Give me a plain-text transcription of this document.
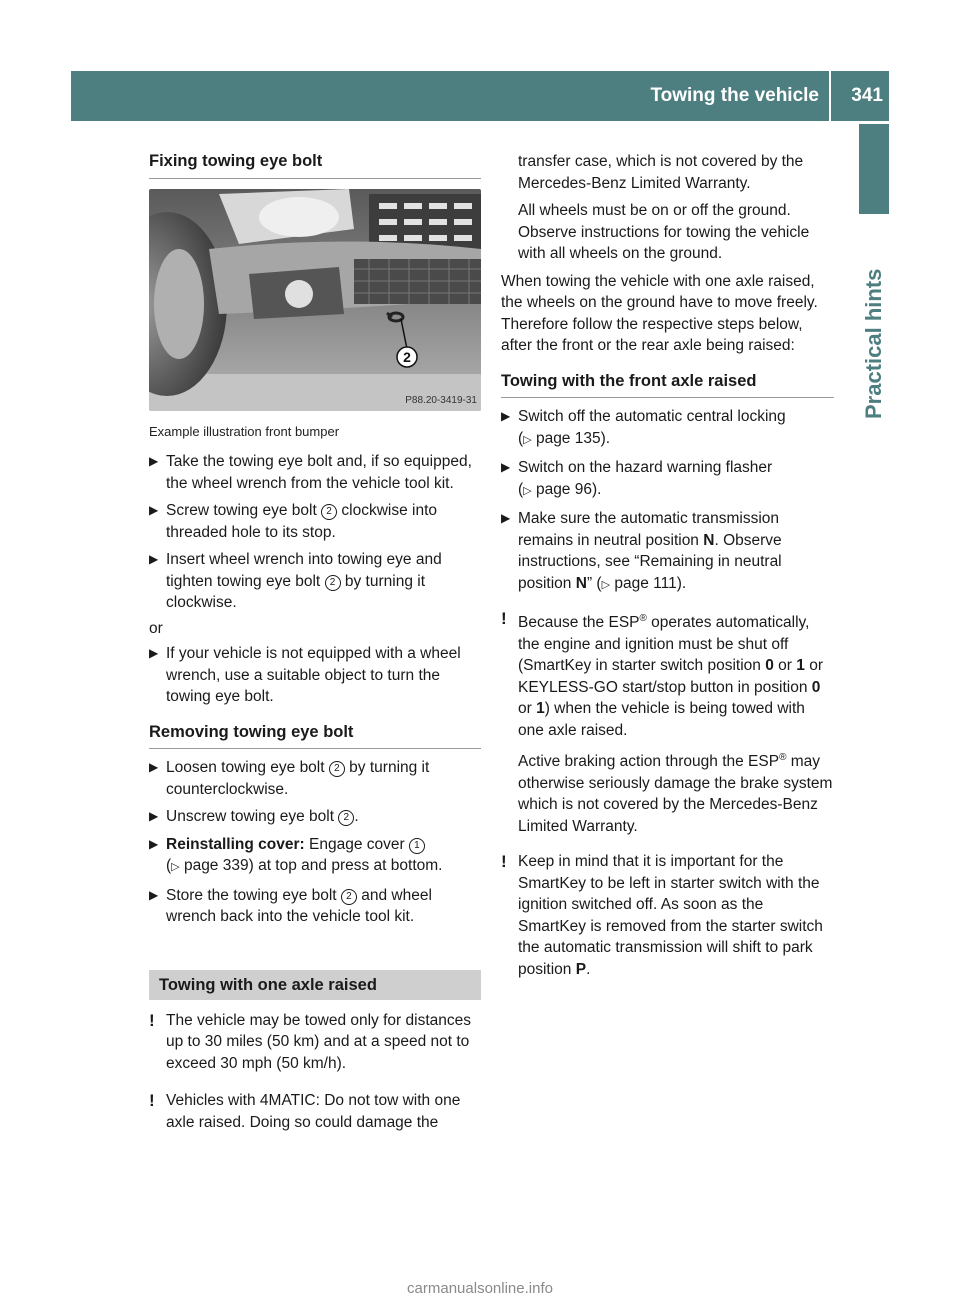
Towing the vehicle 341
Practical hints
Fixing towing eye bolt
2
P88.20-3419-31
Example illustration front bumper
▶ Take the towing eye bolt and, if so equipped, the wheel wrench from the vehicle tool kit.
▶ Screw towing eye bolt 2 clockwise into threaded hole to its stop.
▶ Insert wheel wrench into towing eye and tighten towing eye bolt 2 by turning it clockwise.

or

▶ If your vehicle is not equipped with a wheel wrench, use a suitable object to turn the towing eye bolt.
Removing towing eye bolt
▶ Loosen towing eye bolt 2 by turning it counterclockwise.
▶ Unscrew towing eye bolt 2 .
▶ Reinstalling cover: Engage cover 1
(▷ page 339) at top and press at bottom.
▶ Store the towing eye bolt 2 and wheel wrench back into the vehicle tool kit.
Towing with one axle raised
! The vehicle may be towed only for distances up to 30 miles (50 km) and at a speed not to exceed 30 mph (50 km/h).
! Vehicles with 4MATIC: Do not tow with one axle raised. Doing so could damage the

transfer case, which is not covered by the Mercedes-Benz Limited Warranty.

All wheels must be on or off the ground. Observe instructions for towing the vehicle with all wheels on the ground.

When towing the vehicle with one axle raised, the wheels on the ground have to move freely. Therefore follow the respective steps below, after the front or the rear axle being raised:

Towing with the front axle raised
▶ Switch off the automatic central locking
(▷ page 135).
▶ Switch on the hazard warning flasher
(▷ page 96).
▶ Make sure the automatic transmission remains in neutral position N. Observe instructions, see “Remaining in neutral position N” (▷ page 111).
! Because the ESP® operates automatically, the engine and ignition must be shut off (SmartKey in starter switch position 0 or 1 or KEYLESS-GO start/stop button in position 0 or 1) when the vehicle is being towed with one axle raised.

Active braking action through the ESP® may otherwise seriously damage the brake system which is not covered by the Mercedes-Benz Limited Warranty.

! Keep in mind that it is important for the SmartKey to be left in starter switch with the ignition switched off. As soon as the SmartKey is removed from the starter switch the automatic transmission will shift to park position P.
carmanualsonline.info
